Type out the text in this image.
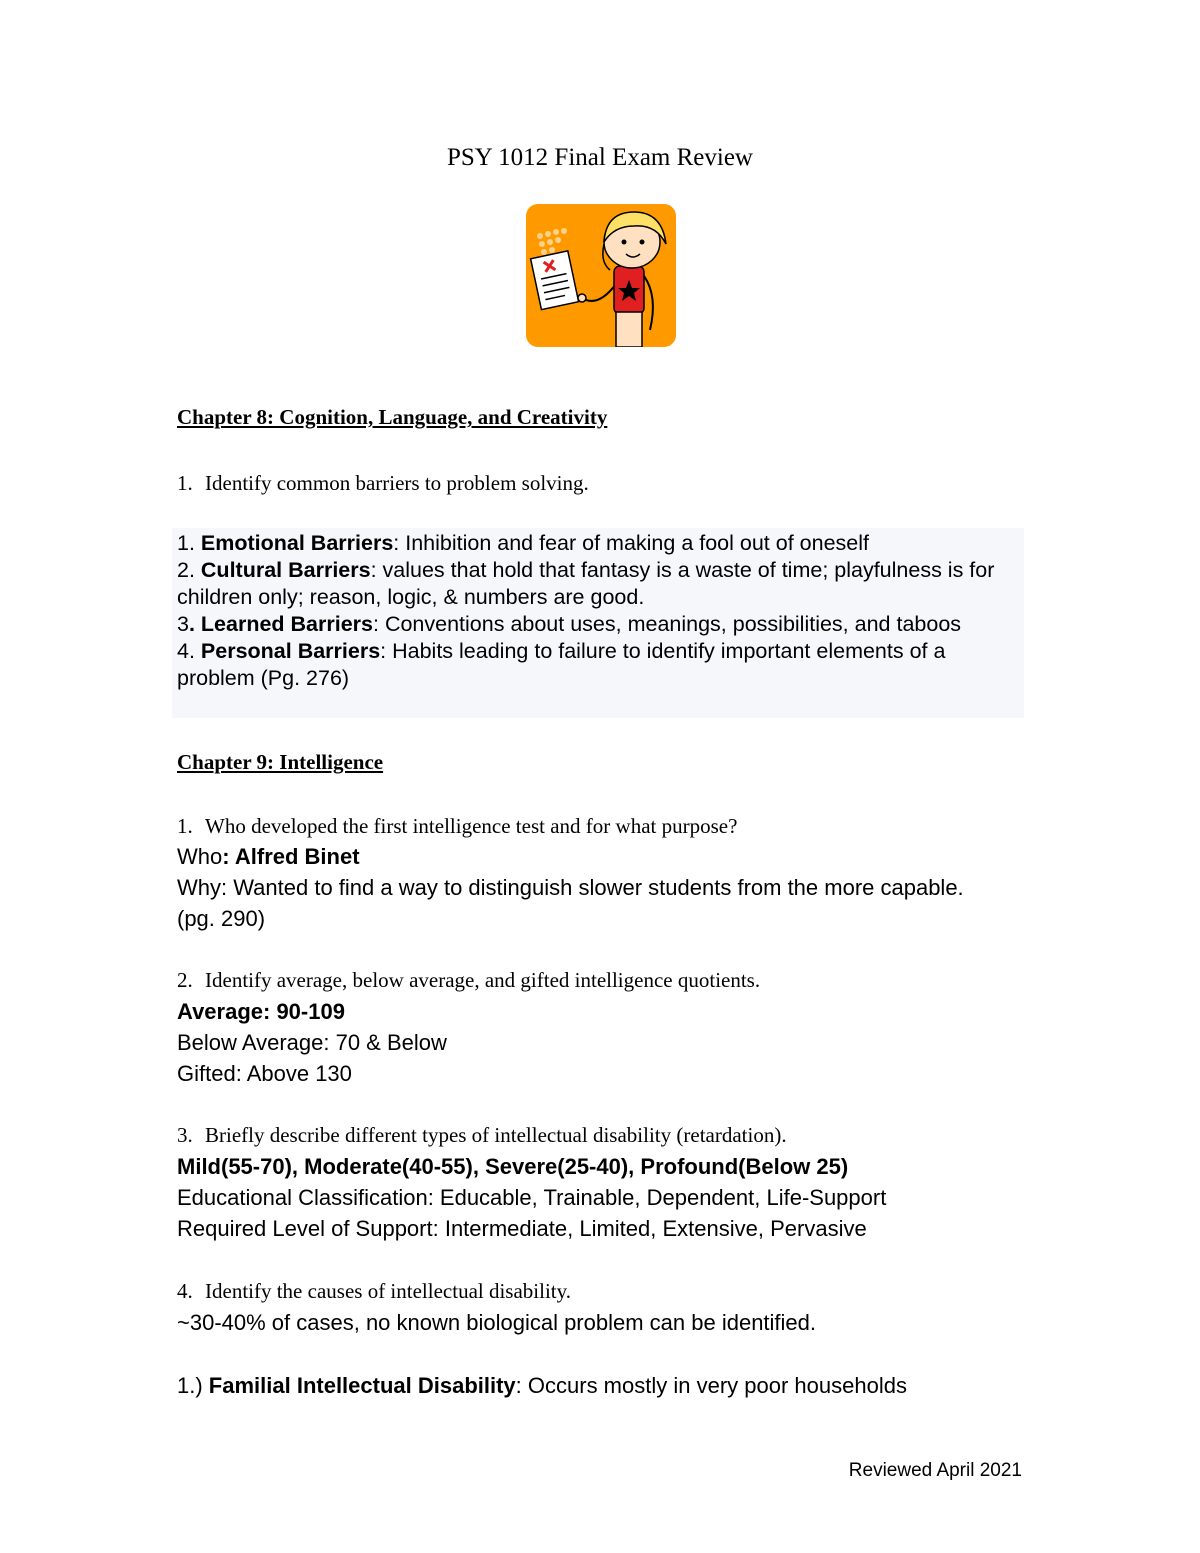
PSY 1012 Final Exam Review
Chapter 8: Cognition, Language, and Creativity
1. Identify common barriers to problem solving.
1. Emotional Barriers: Inhibition and fear of making a fool out of oneself
2. Cultural Barriers: values that hold that fantasy is a waste of time; playfulness is for children only; reason, logic, & numbers are good.
3. Learned Barriers: Conventions about uses, meanings, possibilities, and taboos
4. Personal Barriers: Habits leading to failure to identify important elements of a problem (Pg. 276)
Chapter 9: Intelligence
1. Who developed the first intelligence test and for what purpose?
Who: Alfred Binet
Why: Wanted to find a way to distinguish slower students from the more capable.
(pg. 290)
2. Identify average, below average, and gifted intelligence quotients.
Average: 90-109
Below Average: 70 & Below
Gifted: Above 130
3. Briefly describe different types of intellectual disability (retardation).
Mild(55-70), Moderate(40-55), Severe(25-40), Profound(Below 25)
Educational Classification: Educable, Trainable, Dependent, Life-Support
Required Level of Support: Intermediate, Limited, Extensive, Pervasive
4. Identify the causes of intellectual disability.
~30-40% of cases, no known biological problem can be identified.
1.) Familial Intellectual Disability: Occurs mostly in very poor households
Reviewed April 2021
